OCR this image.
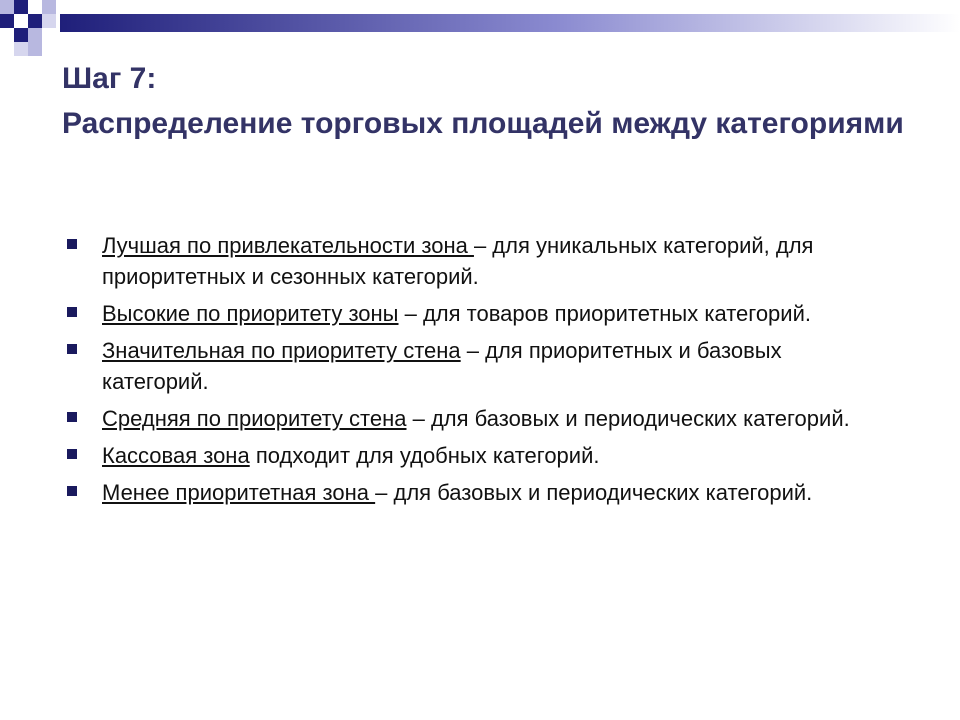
Шаг 7:
Распределение торговых площадей между категориями
Лучшая по привлекательности зона – для уникальных категорий, для приоритетных и сезонных категорий.
Высокие по приоритету зоны – для товаров приоритетных категорий.
Значительная по приоритету стена – для приоритетных и базовых категорий.
Средняя по приоритету стена – для базовых и периодических категорий.
Кассовая зона подходит для удобных категорий.
Менее приоритетная зона – для базовых и периодических категорий.
